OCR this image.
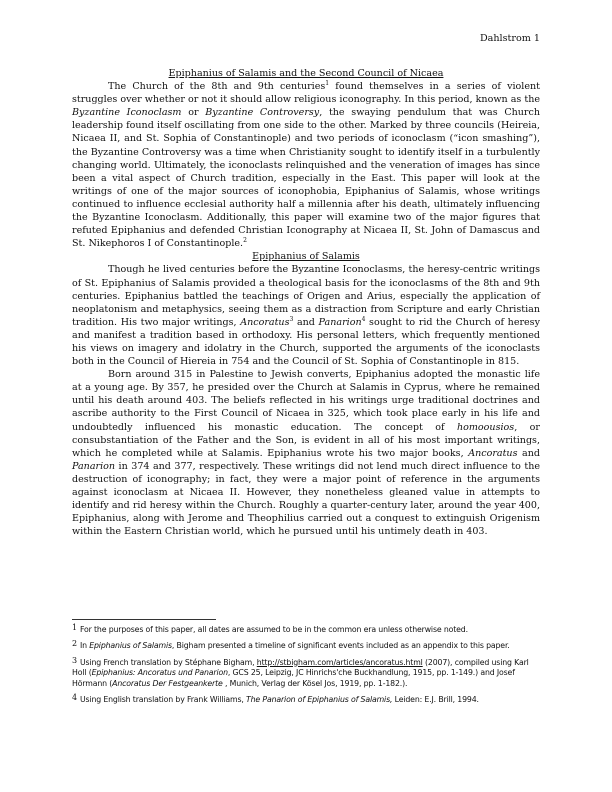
Dahlstrom 1

Epiphanius of Salamis and the Second Council of Nicaea

The Church of the 8th and 9th centuries$^1$ found themselves in a series of violent struggles over whether or not it should allow religious iconography. In this period, known as the Byzantine Iconoclasm or Byzantine Controversy, the swaying pendulum that was Church leadership found itself oscillating from one side to the other. Marked by three councils (Heireia, Nicaea II, and St. Sophia of Constantinople) and two periods of iconoclasm (“icon smashing”), the Byzantine Controversy was a time when Christianity sought to identify itself in a turbulently changing world. Ultimately, the iconoclasts relinquished and the veneration of images has since been a vital aspect of Church tradition, especially in the East. This paper will look at the writings of one of the major sources of iconophobia, Epiphanius of Salamis, whose writings continued to influence ecclesial authority half a millennia after his death, ultimately influencing the Byzantine Iconoclasm. Additionally, this paper will examine two of the major figures that refuted Epiphanius and defended Christian Iconography at Nicaea II, St. John of Damascus and St. Nikephoros I of Constantinople.$^2$

Epiphanius of Salamis

Though he lived centuries before the Byzantine Iconoclasms, the heresy-centric writings of St. Epiphanius of Salamis provided a theological basis for the iconoclasms of the 8th and 9th centuries. Epiphanius battled the teachings of Origen and Arius, especially the application of neoplatonism and metaphysics, seeing them as a distraction from Scripture and early Christian tradition. His two major writings, Ancoratus$^3$ and Panarion$^4$ sought to rid the Church of heresy and manifest a tradition based in orthodoxy. His personal letters, which frequently mentioned his views on imagery and idolatry in the Church, supported the arguments of the iconoclasts both in the Council of Hiereia in 754 and the Council of St. Sophia of Constantinople in 815.

Born around 315 in Palestine to Jewish converts, Epiphanius adopted the monastic life at a young age. By 357, he presided over the Church at Salamis in Cyprus, where he remained until his death around 403. The beliefs reflected in his writings urge traditional doctrines and ascribe authority to the First Council of Nicaea in 325, which took place early in his life and undoubtedly influenced his monastic education. The concept of homoousios, or consubstantiation of the Father and the Son, is evident in all of his most important writings, which he completed while at Salamis. Epiphanius wrote his two major books, Ancoratus and Panarion in 374 and 377, respectively. These writings did not lend much direct influence to the destruction of iconography; in fact, they were a major point of reference in the arguments against iconoclasm at Nicaea II. However, they nonetheless gleaned value in attempts to identify and rid heresy within the Church. Roughly a quarter-century later, around the year 400, Epiphanius, along with Jerome and Theophilius carried out a conquest to extinguish Origenism within the Eastern Christian world, which he pursued until his untimely death in 403.

1 For the purposes of this paper, all dates are assumed to be in the common era unless otherwise noted.

2 In Epiphanius of Salamis, Bigham presented a timeline of significant events included as an appendix to this paper.

3 Using French translation by Stéphane Bigham, http://stbigham.com/articles/ancoratus.html (2007), compiled using Karl Holl (Epiphanius: Ancoratus und Panarion, GCS 25, Leipzig, JC Hinrichs'che Buckhandlung, 1915, pp. 1-149.) and Josef Hörmann (Ancoratus Der Festgeankerte , Munich, Verlag der Kösel Jos, 1919, pp. 1-182.).

4 Using English translation by Frank Williams, The Panarion of Epiphanius of Salamis, Leiden: E.J. Brill, 1994.
